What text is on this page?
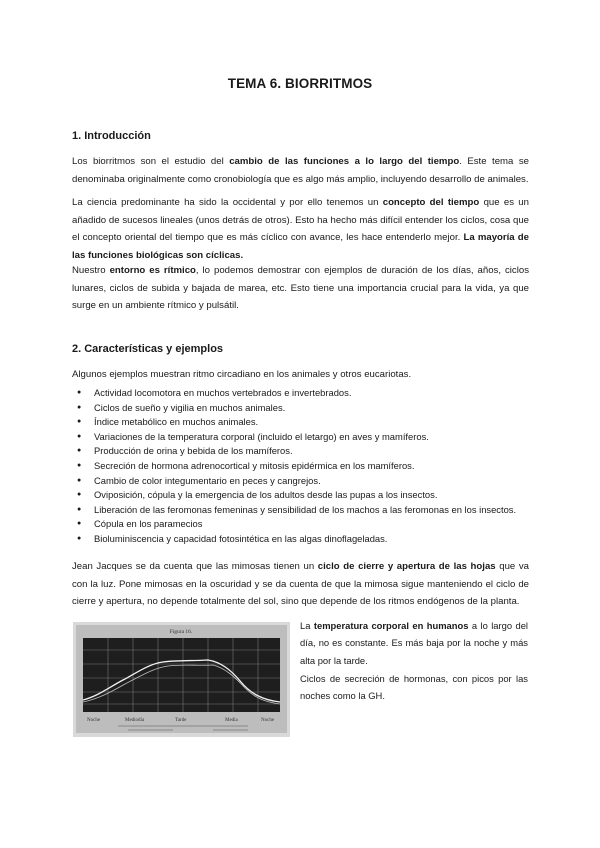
TEMA 6. BIORRITMOS
1. Introducción
Los biorritmos son el estudio del cambio de las funciones a lo largo del tiempo. Este tema se denominaba originalmente como cronobiología que es algo más amplio, incluyendo desarrollo de animales.
La ciencia predominante ha sido la occidental y por ello tenemos un concepto del tiempo que es un añadido de sucesos lineales (unos detrás de otros). Esto ha hecho más difícil entender los ciclos, cosa que el concepto oriental del tiempo que es más cíclico con avance, les hace entenderlo mejor. La mayoría de las funciones biológicas son cíclicas.
Nuestro entorno es rítmico, lo podemos demostrar con ejemplos de duración de los días, años, ciclos lunares, ciclos de subida y bajada de marea, etc. Esto tiene una importancia crucial para la vida, ya que surge en un ambiente rítmico y pulsátil.
2. Características y ejemplos
Algunos ejemplos muestran ritmo circadiano en los animales y otros eucariotas.
● Actividad locomotora en muchos vertebrados e invertebrados.
● Ciclos de sueño y vigilia en muchos animales.
● Índice metabólico en muchos animales.
● Variaciones de la temperatura corporal (incluido el letargo) en aves y mamíferos.
● Producción de orina y bebida de los mamíferos.
● Secreción de hormona adrenocortical y mitosis epidérmica en los mamíferos.
● Cambio de color integumentario en peces y cangrejos.
● Oviposición, cópula y la emergencia de los adultos desde las pupas a los insectos.
● Liberación de las feromonas femeninas y sensibilidad de los machos a las feromonas en los insectos.
● Cópula en los paramecios
● Bioluminiscencia y capacidad fotosintética en las algas dinoflageladas.
Jean Jacques se da cuenta que las mimosas tienen un ciclo de cierre y apertura de las hojas que va con la luz. Pone mimosas en la oscuridad y se da cuenta de que la mimosa sigue manteniendo el ciclo de cierre y apertura, no depende totalmente del sol, sino que depende de los ritmos endógenos de la planta.
Figura 16.
Noche	Mediodía	Tarde	Media	Noche
La temperatura corporal en humanos a lo largo del día, no es constante. Es más baja por la noche y más alta por la tarde.
Ciclos de secreción de hormonas, con picos por las noches como la GH.
